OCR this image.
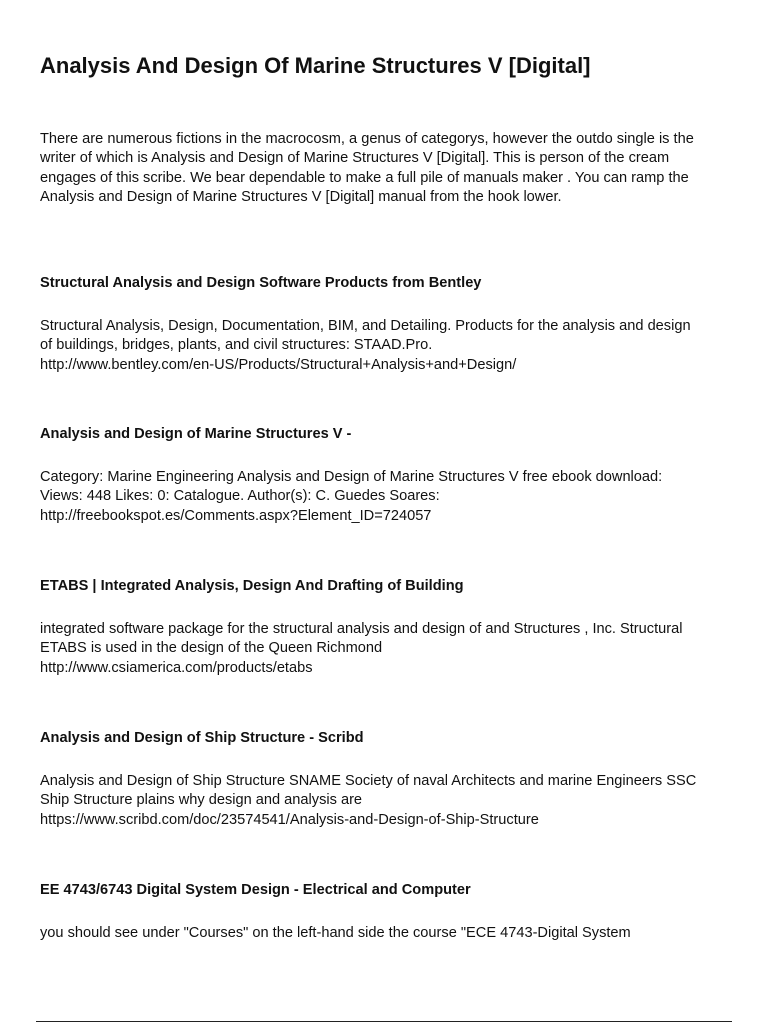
Analysis And Design Of Marine Structures V [Digital]

There are numerous fictions in the macrocosm, a genus of categorys, however the outdo single is the writer of which is Analysis and Design of Marine Structures V [Digital]. This is person of the cream engages of this scribe. We bear dependable to make a full pile of manuals maker . You can ramp the Analysis and Design of Marine Structures V [Digital] manual from the hook lower.

Structural Analysis and Design Software Products from Bentley

Structural Analysis, Design, Documentation, BIM, and Detailing. Products for the analysis and design of buildings, bridges, plants, and civil structures: STAAD.Pro.

http://www.bentley.com/en-US/Products/Structural+Analysis+and+Design/

Analysis and Design of Marine Structures V -

Category: Marine Engineering Analysis and Design of Marine Structures V free ebook download: Views: 448 Likes: 0: Catalogue. Author(s): C. Guedes Soares:

http://freebookspot.es/Comments.aspx?Element_ID=724057

ETABS | Integrated Analysis, Design And Drafting of Building

integrated software package for the structural analysis and design of and Structures , Inc. Structural ETABS is used in the design of the Queen Richmond

http://www.csiamerica.com/products/etabs

Analysis and Design of Ship Structure - Scribd

Analysis and Design of Ship Structure SNAME Society of naval Architects and marine Engineers SSC Ship Structure plains why design and analysis are

https://www.scribd.com/doc/23574541/Analysis-and-Design-of-Ship-Structure

EE 4743/6743 Digital System Design - Electrical and Computer

you should see under "Courses" on the left-hand side the course "ECE 4743-Digital System
